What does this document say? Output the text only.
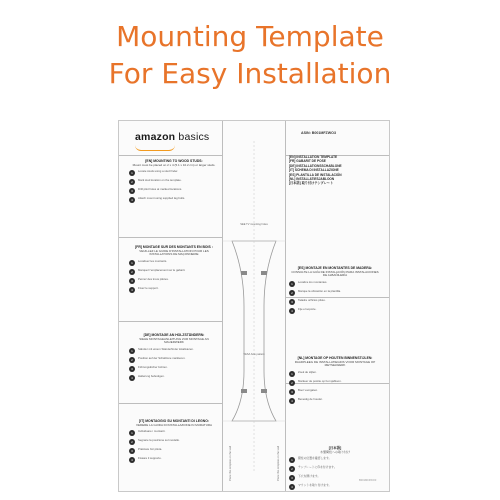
Mounting Template
For Easy Installation
amazon basics	ASIN: B001MFZWO3
[EN] MOUNTING TO WOOD STUDS:
Mount must be placed on 2 x 4 (5.1 x 10.2 cm) or larger studs.
1	Locate studs using a stud finder.
2	Mark stud location on the template.
3	Drill pilot holes at marked locations.
4	Attach mount using supplied lag bolts.
[FR] MONTAGE SUR DES MONTANTS EN BOIS :
VEUILLEZ LE GUIDE D'INSTALLATION POUR LES INSTALLATIONS DE MAÇONNERIE
1	Localisez les montants.
2	Marquez l'emplacement sur le gabarit.
3	Percez des trous pilotes.
4	Fixez le support.
[DE] MONTAGE AN HOLZSTÄNDERN:
SIEHE MONTAGEANLEITUNG ZUR MONTAGE AN MAUERWERK
1	Ständer mit einem Ständerfinder lokalisieren.
2	Position auf der Schablone markieren.
3	Führungslöcher bohren.
4	Halterung befestigen.
[IT] MONTAGGIO SU MONTANTI DI LEGNO:
VEDERE LA GUIDA DI INSTALLAZIONE IN MURATURA
1	Individuare i montanti.
2	Segnare la posizione sul modello.
3	Praticare fori pilota.
4	Fissare il supporto.
SEE TV mounting holes
VESA hole pattern
Place this template on the wall	Place this template on the wall
[EN] INSTALLATION TEMPLATE
[FR] GABARIT DE POSE
[DE] INSTALLATIONSSCHABLONE
[IT] SCHEMA DI INSTALLAZIONE
[ES] PLANTILLA DE INSTALACIÓN
[NL] INSTALLATIESJABLOON
[日本語] 取り付けテンプレート
[ES] MONTAJE EN MONTANTES DE MADERA:
CONSULTE LA GUÍA DE INSTALACIÓN PARA INSTALACIONES DE ALBAÑILERÍA
1	Localice los montantes.
2	Marque la ubicación en la plantilla.
3	Taladre orificios piloto.
4	Fije el soporte.
[NL] MONTAGE OP HOUTEN BINNENSTIJLEN:
RAADPLEEG DE INSTALLATIEGIDS VOOR MONTAGE OP METSELWERK
1	Zoek de stijlen.
2	Markeer de positie op het sjabloon.
3	Boor voorgaten.
4	Bevestig de houder.
[日本語]
木製間柱への取り付け
1	間柱の位置を確認します。
2	テンプレートに印を付けます。
3	下穴を開けます。
4	マウントを取り付けます。
B001MFZWO3
